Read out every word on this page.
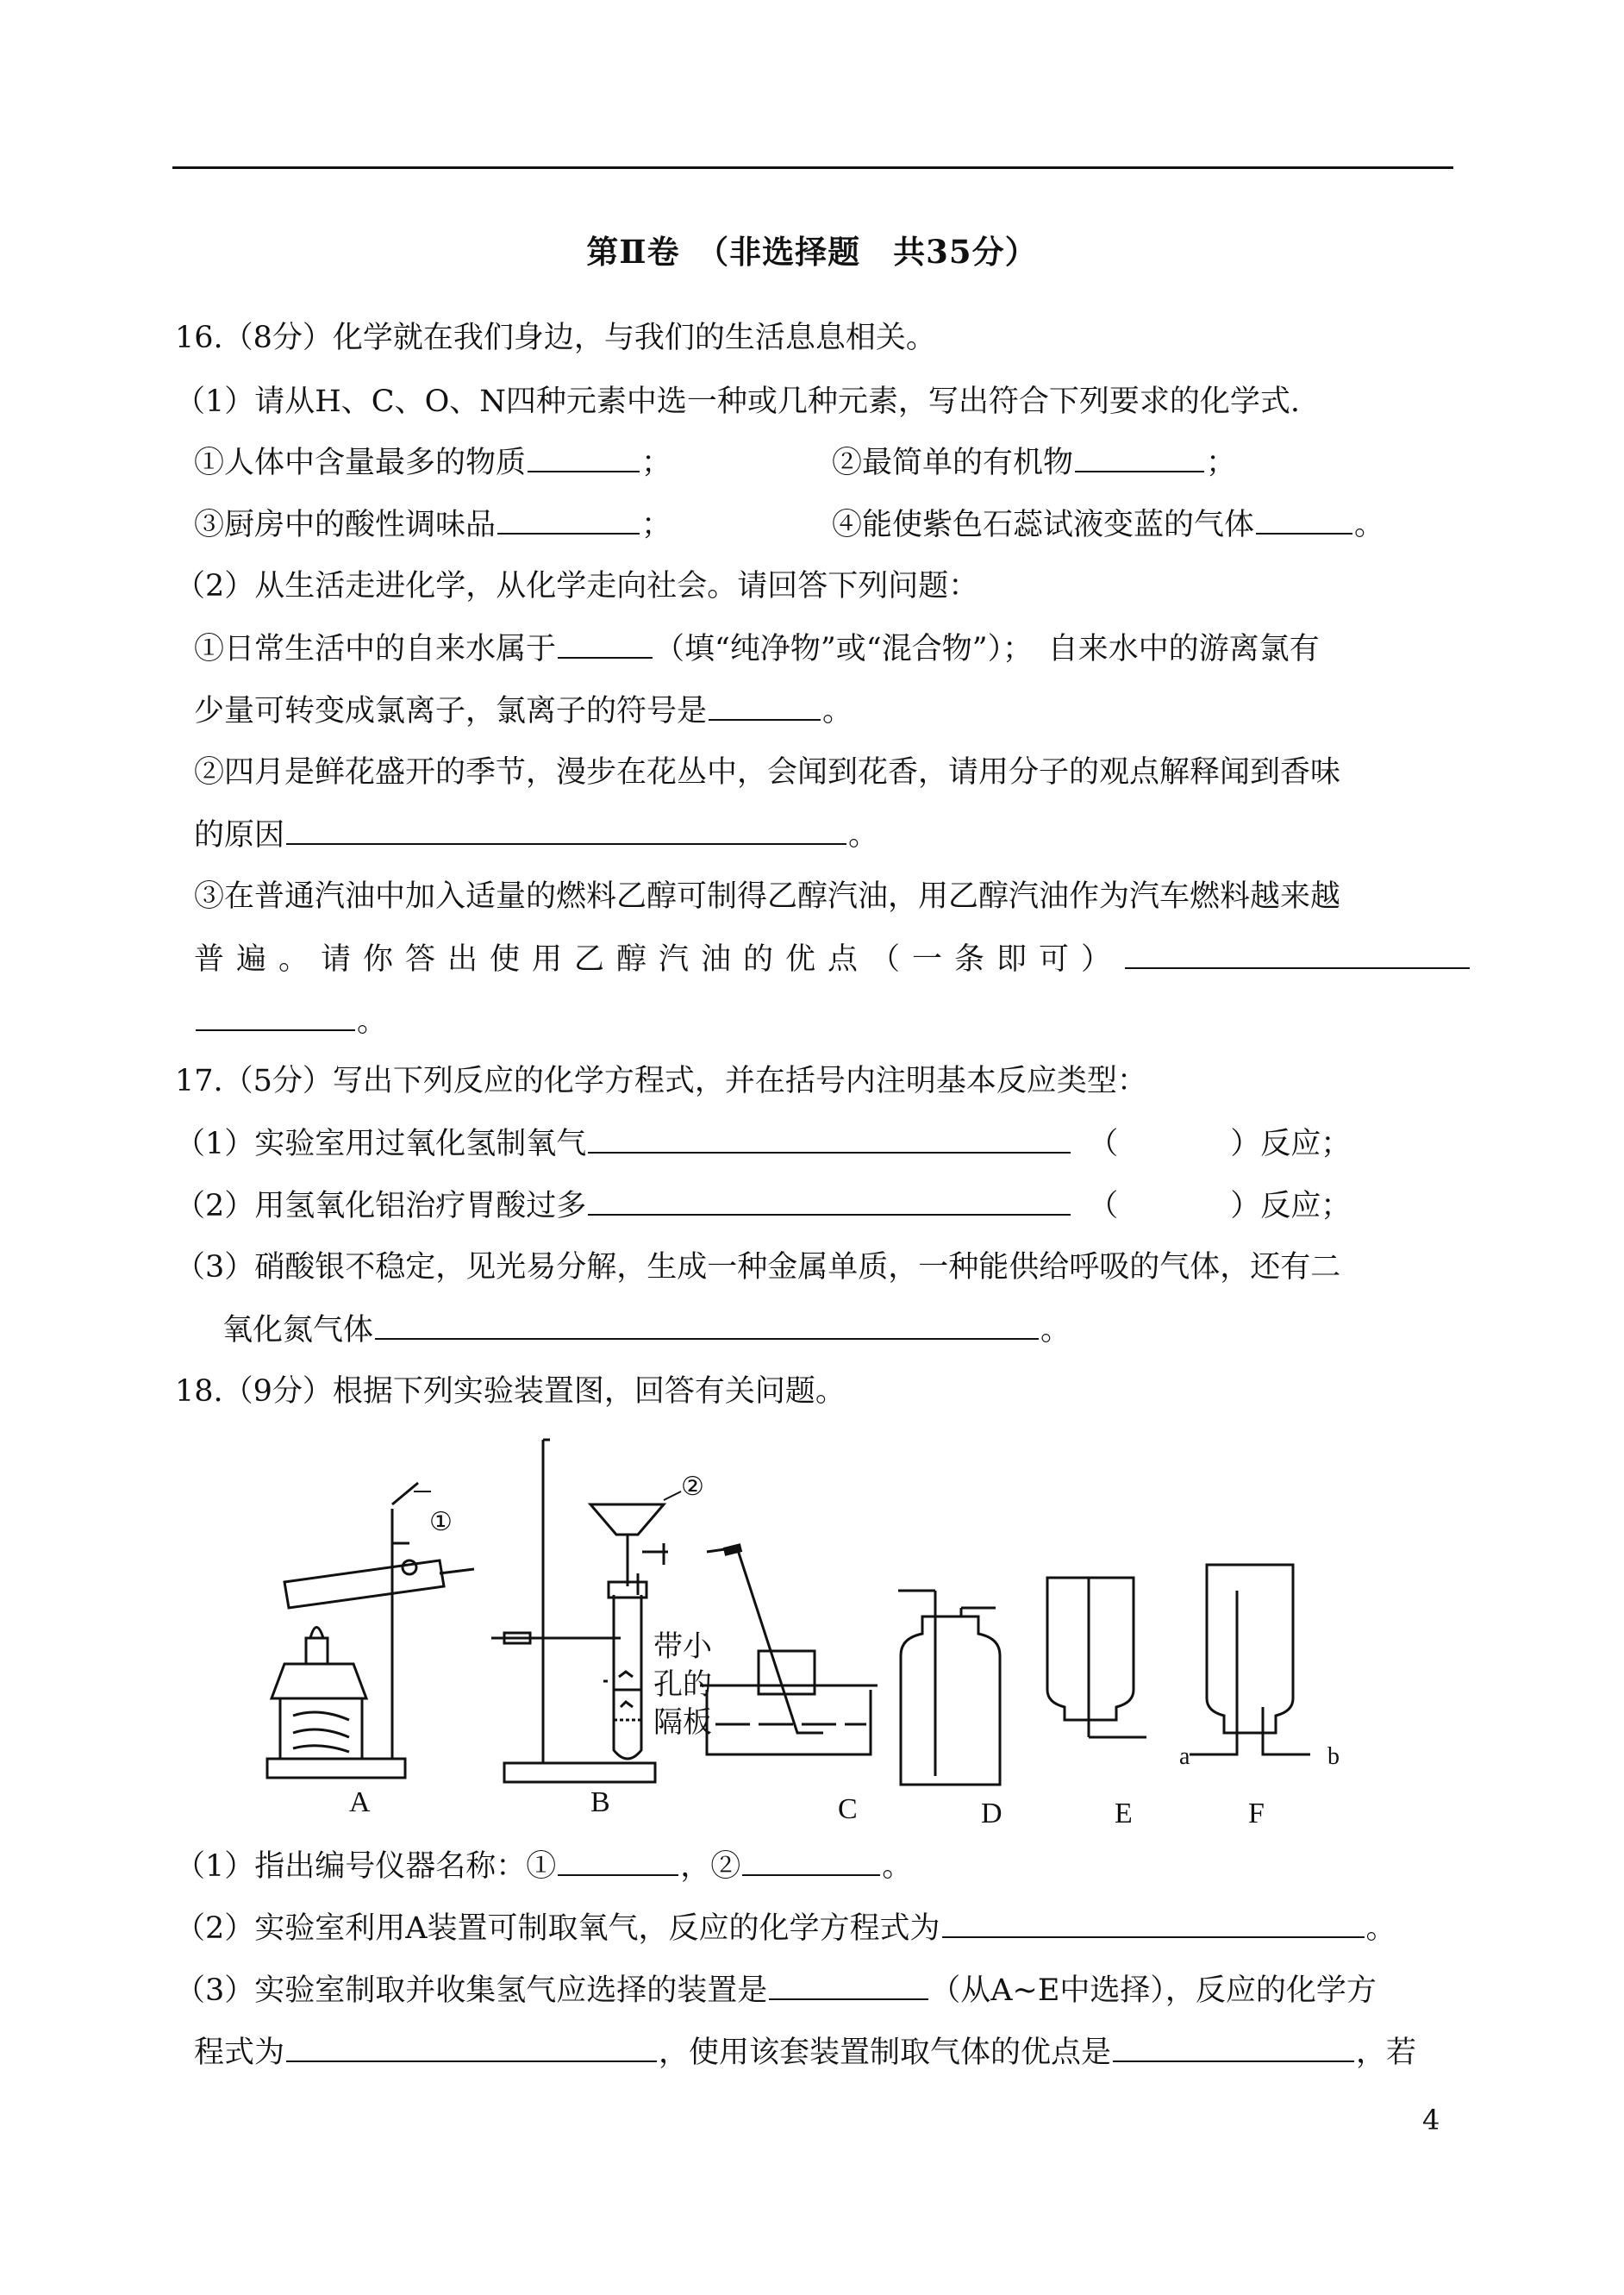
第Ⅱ卷　（非选择题　共35分）
16.（8分）化学就在我们身边，与我们的生活息息相关。
（1）请从H、C、O、N四种元素中选一种或几种元素，写出符合下列要求的化学式.
①人体中含量最多的物质	；	②最简单的有机物	；
③厨房中的酸性调味品	；	④能使紫色石蕊试液变蓝的气体	。
（2）从生活走进化学，从化学走向社会。请回答下列问题：
①日常生活中的自来水属于	（填“纯净物”或“混合物”）；　自来水中的游离氯有
少量可转变成氯离子，氯离子的符号是	。
②四月是鲜花盛开的季节，漫步在花丛中，会闻到花香，请用分子的观点解释闻到香味
的原因	。
③在普通汽油中加入适量的燃料乙醇可制得乙醇汽油，用乙醇汽油作为汽车燃料越来越
普遍。请你答出使用乙醇汽油的优点（一条即可）
。
17.（5分）写出下列反应的化学方程式，并在括号内注明基本反应类型：
（1）实验室用过氧化氢制氧气	（	）反应；
（2）用氢氧化铝治疗胃酸过多	（	）反应；
（3）硝酸银不稳定，见光易分解，生成一种金属单质，一种能供给呼吸的气体，还有二
氧化氮气体	。
18.（9分）根据下列实验装置图，回答有关问题。
①
②
带小
孔的
隔板
a	b
A	B	C	D	E	F
（1）指出编号仪器名称：①	，②	。
（2）实验室利用A装置可制取氧气，反应的化学方程式为	。
（3）实验室制取并收集氢气应选择的装置是	（从A~E中选择），反应的化学方
程式为	，使用该套装置制取气体的优点是	，若
4
